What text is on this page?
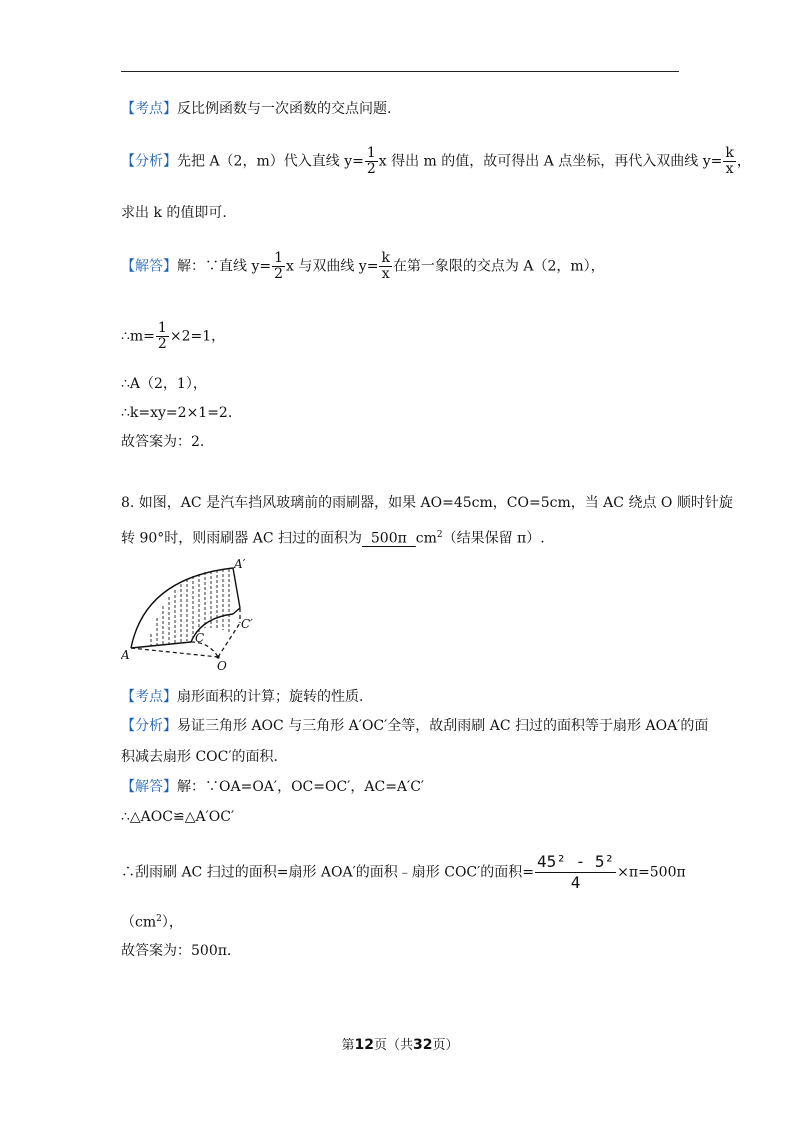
【考点】反比例函数与一次函数的交点问题.
【分析】先把 A（2，m）代入直线 $y= \frac{1}{2}$ x 得出 m 的值，故可得出 A 点坐标，再代入双曲线 $y= \frac{k}{x}$ ，
求出 k 的值即可.
【解答】解：∵直线 $y= \frac{1}{2}$ x 与双曲线 $y= \frac{k}{x}$ 在第一象限的交点为 A（2，m），
∴m= $\frac{1}{2} \times 2=1$，
∴A（2，1），
∴k=xy=2×1=2.
故答案为：2.
8. 如图，AC 是汽车挡风玻璃前的雨刷器，如果 AO=45cm，CO=5cm，当 AC 绕点 O 顺时针旋
转 90°时，则雨刷器 AC 扫过的面积为  500π  $cm^2$（结果保留 π）.
A
A′
C
C′
O
【考点】扇形面积的计算；旋转的性质.
【分析】易证三角形 AOC 与三角形 A′OC′全等，故刮雨刷 AC 扫过的面积等于扇形 AOA′的面
积减去扇形 COC′的面积.
【解答】解：∵OA=OA′，OC=OC′，AC=A′C′
∴△AOC≌△A′OC′
∴刮雨刷 AC 扫过的面积=扇形 AOA′的面积﹣扇形 COC′的面积= $\frac{\text{45² - 5²}}{4} \times\pi=500\pi$
$(cm^2)$，
故答案为：500π.
第12页（共32页）
